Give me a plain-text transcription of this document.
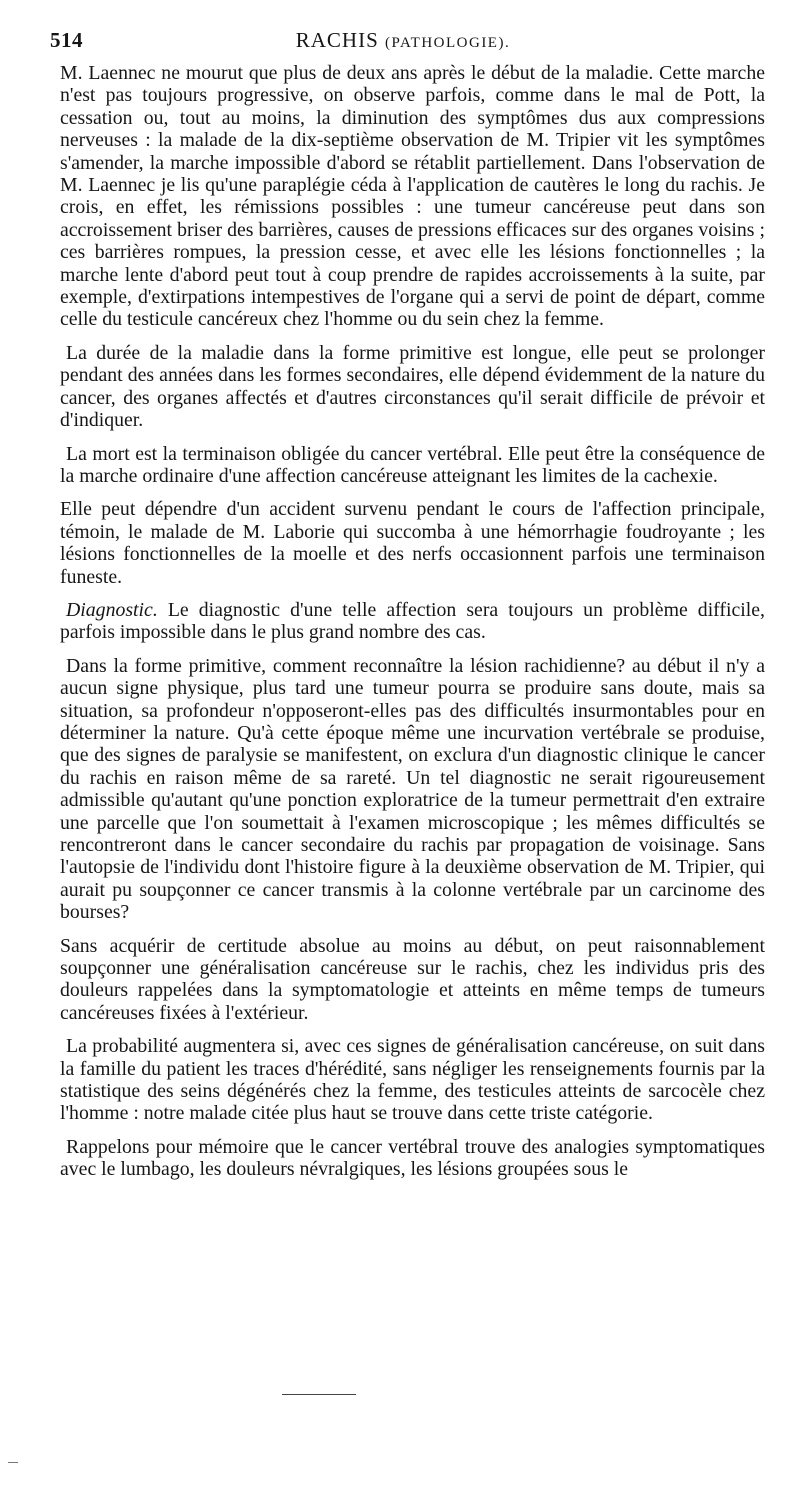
514	RACHIS (PATHOLOGIE).

M. Laennec ne mourut que plus de deux ans après le début de la maladie. Cette marche n'est pas toujours progressive, on observe parfois, comme dans le mal de Pott, la cessation ou, tout au moins, la diminution des symptômes dus aux compressions nerveuses : la malade de la dix-septième observation de M. Tripier vit les symptômes s'amender, la marche impossible d'abord se rétablit partiellement. Dans l'observation de M. Laennec je lis qu'une paraplégie céda à l'application de cautères le long du rachis. Je crois, en effet, les rémissions possibles : une tumeur cancéreuse peut dans son accroissement briser des barrières, causes de pressions efficaces sur des organes voisins ; ces barrières rompues, la pression cesse, et avec elle les lésions fonctionnelles ; la marche lente d'abord peut tout à coup prendre de rapides accroissements à la suite, par exemple, d'extirpations intempestives de l'organe qui a servi de point de départ, comme celle du testicule cancéreux chez l'homme ou du sein chez la femme.

La durée de la maladie dans la forme primitive est longue, elle peut se prolonger pendant des années dans les formes secondaires, elle dépend évidemment de la nature du cancer, des organes affectés et d'autres circonstances qu'il serait difficile de prévoir et d'indiquer.

La mort est la terminaison obligée du cancer vertébral. Elle peut être la conséquence de la marche ordinaire d'une affection cancéreuse atteignant les limites de la cachexie.

Elle peut dépendre d'un accident survenu pendant le cours de l'affection principale, témoin, le malade de M. Laborie qui succomba à une hémorrhagie foudroyante ; les lésions fonctionnelles de la moelle et des nerfs occasionnent parfois une terminaison funeste.

Diagnostic. Le diagnostic d'une telle affection sera toujours un problème difficile, parfois impossible dans le plus grand nombre des cas.

Dans la forme primitive, comment reconnaître la lésion rachidienne? au début il n'y a aucun signe physique, plus tard une tumeur pourra se produire sans doute, mais sa situation, sa profondeur n'opposeront-elles pas des difficultés insurmontables pour en déterminer la nature. Qu'à cette époque même une incurvation vertébrale se produise, que des signes de paralysie se manifestent, on exclura d'un diagnostic clinique le cancer du rachis en raison même de sa rareté. Un tel diagnostic ne serait rigoureusement admissible qu'autant qu'une ponction exploratrice de la tumeur permettrait d'en extraire une parcelle que l'on soumettait à l'examen microscopique ; les mêmes difficultés se rencontreront dans le cancer secondaire du rachis par propagation de voisinage. Sans l'autopsie de l'individu dont l'histoire figure à la deuxième observation de M. Tripier, qui aurait pu soupçonner ce cancer transmis à la colonne vertébrale par un carcinome des bourses?

Sans acquérir de certitude absolue au moins au début, on peut raisonnablement soupçonner une généralisation cancéreuse sur le rachis, chez les individus pris des douleurs rappelées dans la symptomatologie et atteints en même temps de tumeurs cancéreuses fixées à l'extérieur.

La probabilité augmentera si, avec ces signes de généralisation cancéreuse, on suit dans la famille du patient les traces d'hérédité, sans négliger les renseignements fournis par la statistique des seins dégénérés chez la femme, des testicules atteints de sarcocèle chez l'homme : notre malade citée plus haut se trouve dans cette triste catégorie.

Rappelons pour mémoire que le cancer vertébral trouve des analogies symptomatiques avec le lumbago, les douleurs névralgiques, les lésions groupées sous le
